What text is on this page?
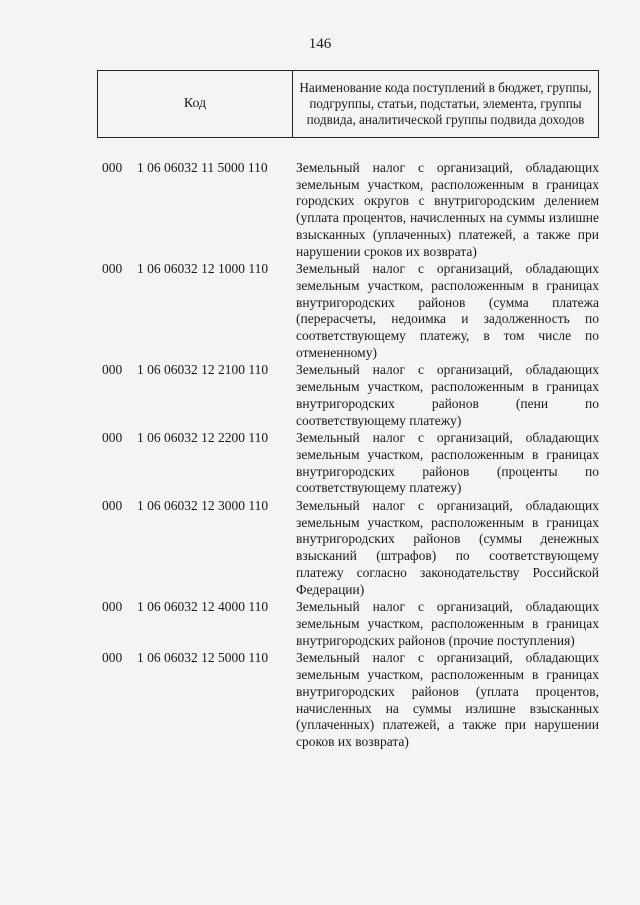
146
Код
Наименование кода поступлений в бюджет, группы, подгруппы, статьи, подстатьи, элемента, группы подвида, аналитической группы подвида доходов
000 1 06 06032 11 5000 110 Земельный налог с организаций, обладающих земельным участком, расположенным в границах городских округов с внутригородским делением (уплата процентов, начисленных на суммы излишне взысканных (уплаченных) платежей, а также при нарушении сроков их возврата)
000 1 06 06032 12 1000 110 Земельный налог с организаций, обладающих земельным участком, расположенным в границах внутригородских районов (сумма платежа (перерасчеты, недоимка и задолженность по соответствующему платежу, в том числе по отмененному)
000 1 06 06032 12 2100 110 Земельный налог с организаций, обладающих земельным участком, расположенным в границах внутригородских районов (пени по соответствующему платежу)
000 1 06 06032 12 2200 110 Земельный налог с организаций, обладающих земельным участком, расположенным в границах внутригородских районов (проценты по соответствующему платежу)
000 1 06 06032 12 3000 110 Земельный налог с организаций, обладающих земельным участком, расположенным в границах внутригородских районов (суммы денежных взысканий (штрафов) по соответствующему платежу согласно законодательству Российской Федерации)
000 1 06 06032 12 4000 110 Земельный налог с организаций, обладающих земельным участком, расположенным в границах внутригородских районов (прочие поступления)
000 1 06 06032 12 5000 110 Земельный налог с организаций, обладающих земельным участком, расположенным в границах внутригородских районов (уплата процентов, начисленных на суммы излишне взысканных (уплаченных) платежей, а также при нарушении сроков их возврата)
